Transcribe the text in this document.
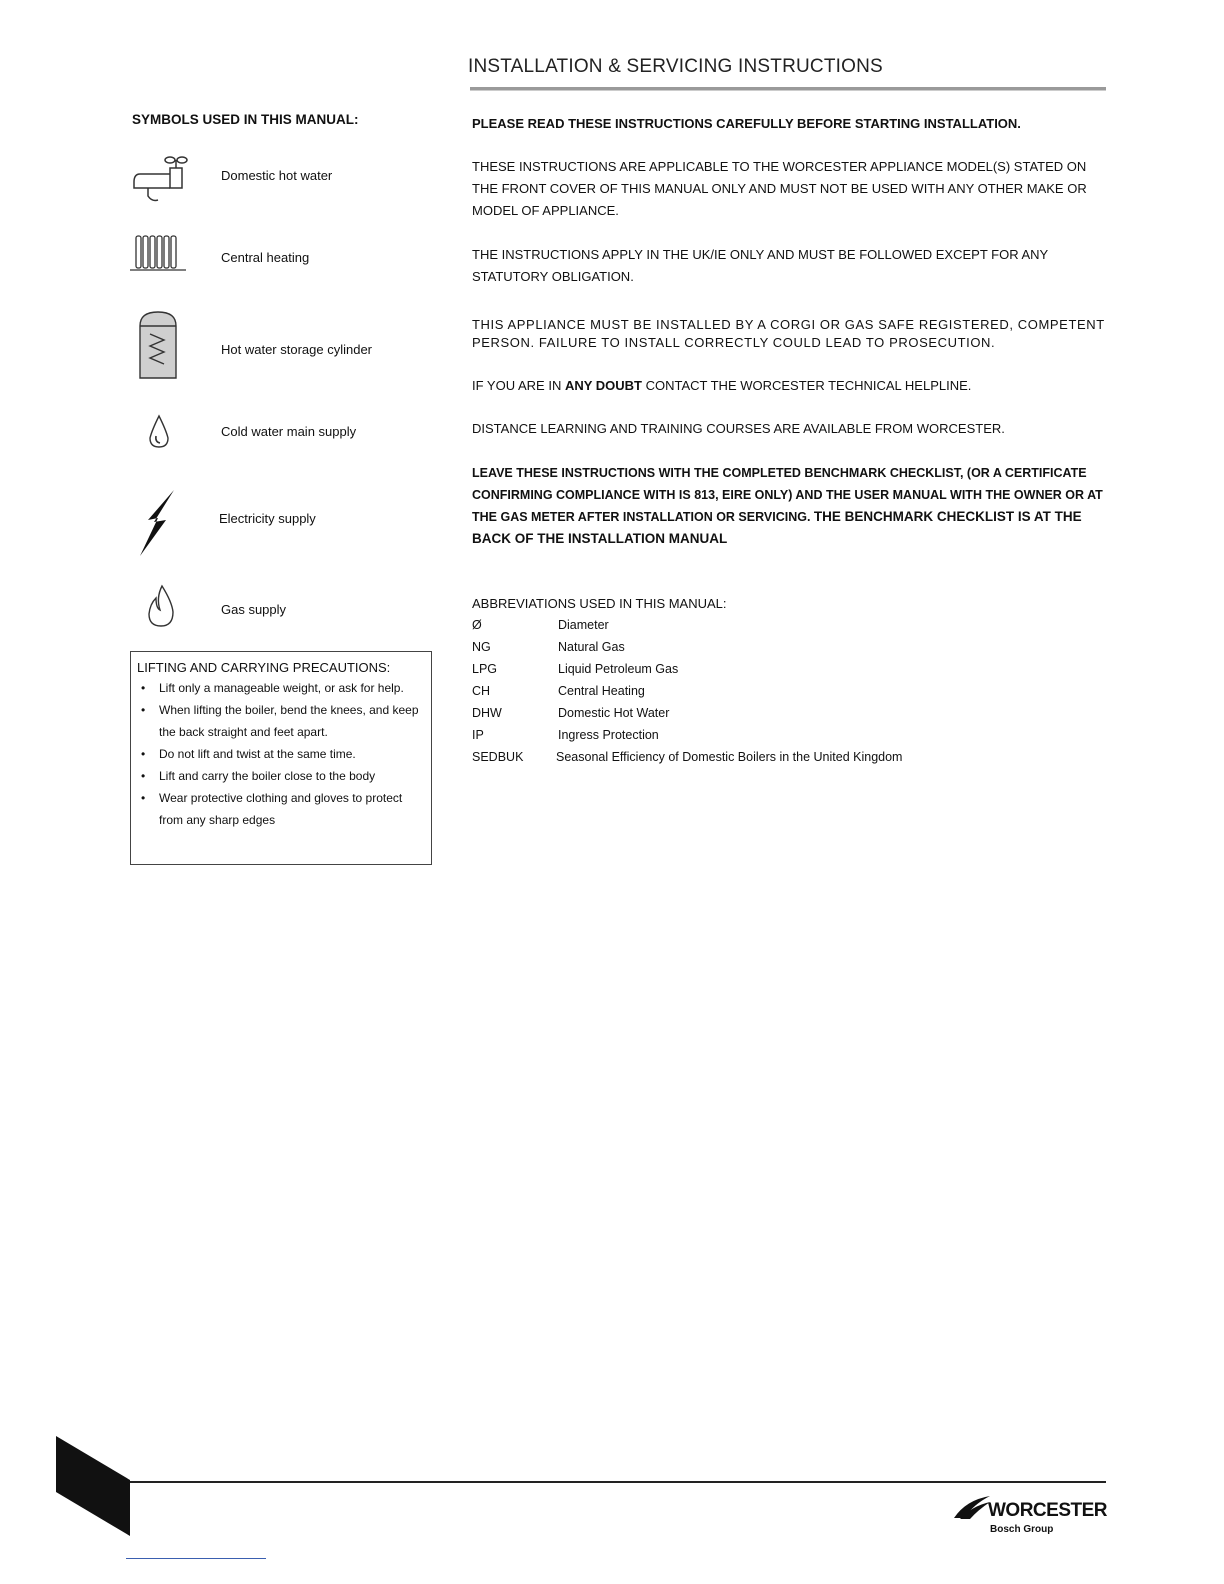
INSTALLATION & SERVICING INSTRUCTIONS
SYMBOLS USED IN THIS MANUAL:
Domestic hot water
Central heating
Hot water storage cylinder
Cold water main supply
Electricity supply
Gas supply
LIFTING AND CARRYING PRECAUTIONS:
• Lift only a manageable weight, or ask for help.
• When lifting the boiler, bend the knees, and keep the back straight and feet apart.
• Do not lift and twist at the same time.
• Lift and carry the boiler close to the body
• Wear protective clothing and gloves to protect from any sharp edges
PLEASE READ THESE INSTRUCTIONS CAREFULLY BEFORE STARTING INSTALLATION.
THESE INSTRUCTIONS ARE APPLICABLE TO THE WORCESTER APPLIANCE MODEL(S) STATED ON THE FRONT COVER OF THIS MANUAL ONLY AND MUST NOT BE USED WITH ANY OTHER MAKE OR MODEL OF APPLIANCE.
THE INSTRUCTIONS APPLY IN THE UK/IE ONLY AND MUST BE FOLLOWED EXCEPT FOR ANY STATUTORY OBLIGATION.
THIS APPLIANCE MUST BE INSTALLED BY A CORGI OR GAS SAFE REGISTERED, COMPETENT PERSON. FAILURE TO INSTALL CORRECTLY COULD LEAD TO PROSECUTION.
IF YOU ARE IN ANY DOUBT CONTACT THE WORCESTER TECHNICAL HELPLINE.
DISTANCE LEARNING AND TRAINING COURSES ARE AVAILABLE FROM WORCESTER.
LEAVE THESE INSTRUCTIONS WITH THE COMPLETED BENCHMARK CHECKLIST, (OR A CERTIFICATE CONFIRMING COMPLIANCE WITH IS 813, EIRE ONLY) AND THE USER MANUAL WITH THE OWNER OR AT THE GAS METER AFTER INSTALLATION OR SERVICING. THE BENCHMARK CHECKLIST IS AT THE BACK OF THE INSTALLATION MANUAL
ABBREVIATIONS USED IN THIS MANUAL:
Ø	Diameter
NG	Natural Gas
LPG	Liquid Petroleum Gas
CH	Central Heating
DHW	Domestic Hot Water
IP	Ingress Protection
SEDBUK	Seasonal Efficiency of Domestic Boilers in the United Kingdom
WORCESTER
Bosch Group
